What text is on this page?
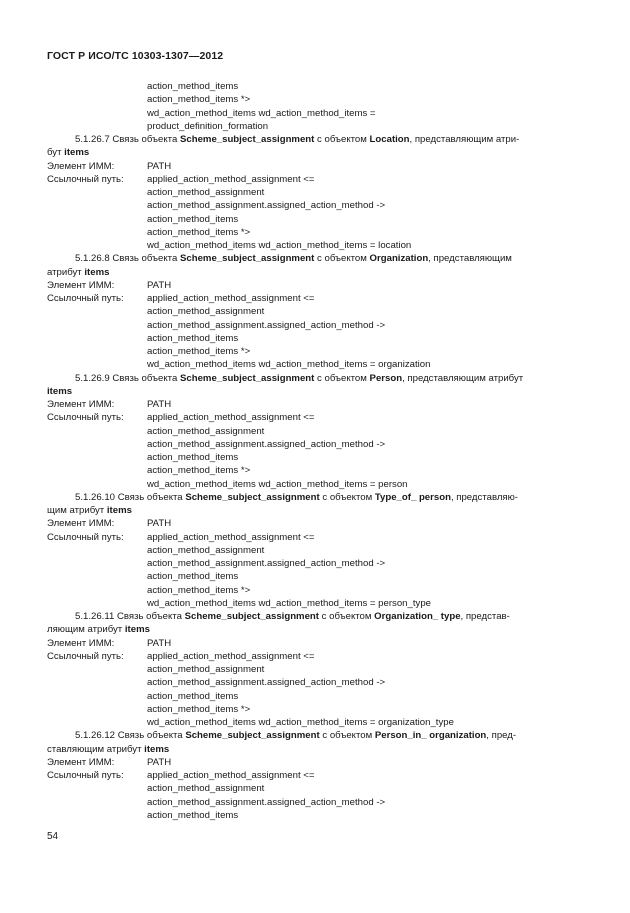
ГОСТ Р ИСО/ТС 10303-1307—2012
action_method_items
action_method_items *>
wd_action_method_items wd_action_method_items =
product_definition_formation
5.1.26.7 Связь объекта Scheme_subject_assignment с объектом Location, представляющим атри-
бут items
Элемент ИММ:	PATH
Ссылочный путь: applied_action_method_assignment <=
action_method_assignment
action_method_assignment.assigned_action_method ->
action_method_items
action_method_items *>
wd_action_method_items wd_action_method_items = location
5.1.26.8 Связь объекта Scheme_subject_assignment с объектом Organization, представляющим
атрибут items
Элемент ИММ:	PATH
Ссылочный путь: applied_action_method_assignment <=
action_method_assignment
action_method_assignment.assigned_action_method ->
action_method_items
action_method_items *>
wd_action_method_items wd_action_method_items = organization
5.1.26.9 Связь объекта Scheme_subject_assignment с объектом Person, представляющим атрибут
items
Элемент ИММ:	PATH
Ссылочный путь: applied_action_method_assignment <=
action_method_assignment
action_method_assignment.assigned_action_method ->
action_method_items
action_method_items *>
wd_action_method_items wd_action_method_items = person
5.1.26.10 Связь объекта Scheme_subject_assignment с объектом Type_of_ person, представляю-
щим атрибут items
Элемент ИММ:	PATH
Ссылочный путь: applied_action_method_assignment <=
action_method_assignment
action_method_assignment.assigned_action_method ->
action_method_items
action_method_items *>
wd_action_method_items wd_action_method_items = person_type
5.1.26.11 Связь объекта Scheme_subject_assignment с объектом Organization_ type, представ-
ляющим атрибут items
Элемент ИММ:	PATH
Ссылочный путь: applied_action_method_assignment <=
action_method_assignment
action_method_assignment.assigned_action_method ->
action_method_items
action_method_items *>
wd_action_method_items wd_action_method_items = organization_type
5.1.26.12 Связь объекта Scheme_subject_assignment с объектом Person_in_ organization, пред-
ставляющим атрибут items
Элемент ИММ:	PATH
Ссылочный путь: applied_action_method_assignment <=
action_method_assignment
action_method_assignment.assigned_action_method ->
action_method_items
54
